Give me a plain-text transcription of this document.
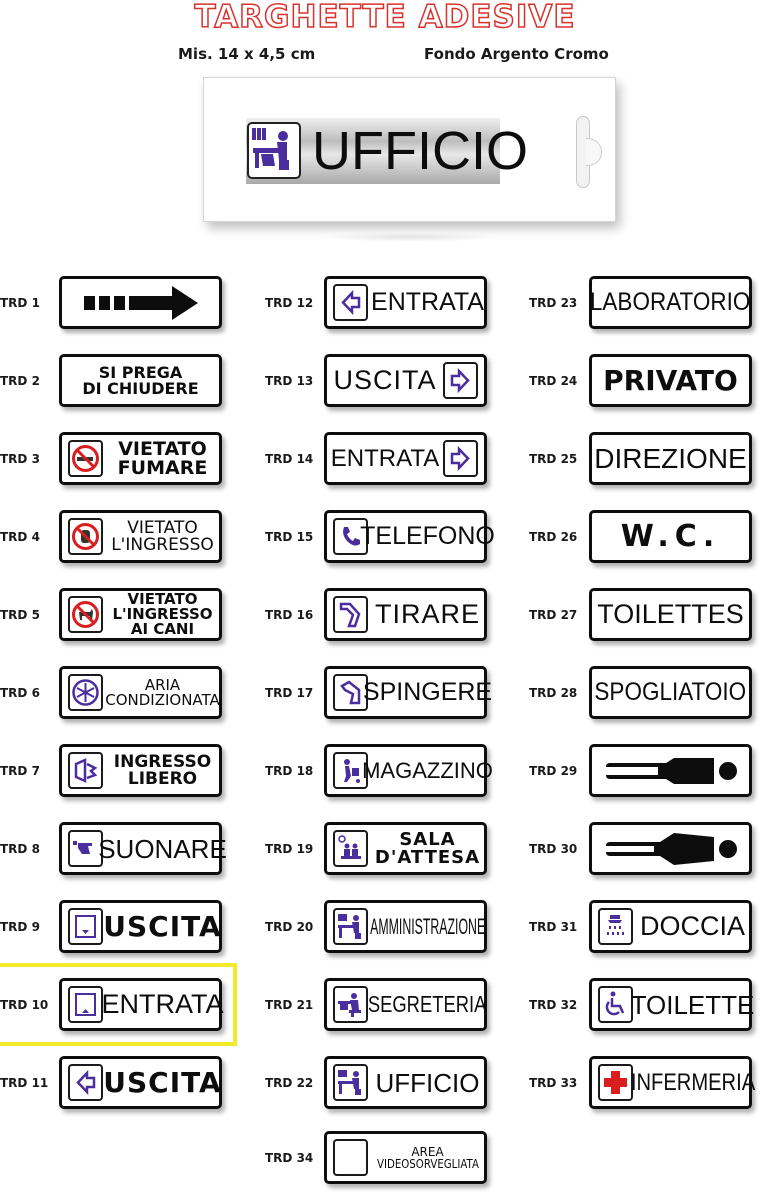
TARGHETTE ADESIVE
Mis. 14 x 4,5 cm	Fondo Argento Cromo
UFFICIO
TRD 1
TRD 2	SI PREGA
DI CHIUDERE
TRD 3	VIETATO
FUMARE
TRD 4	VIETATO
L'INGRESSO
TRD 5
VIETATO
L'INGRESSO
AI CANI
TRD 6	ARIA
CONDIZIONATA
TRD 7	INGRESSO
LIBERO
TRD 8 SUONARE
TRD 9 USCITA
TRD 10 ENTRATA
TRD 11 USCITA
TRD 12 ENTRATA
TRD 13 USCITA
TRD 14 ENTRATA
TRD 15 TELEFONO
TRD 16 TIRARE
TRD 17 SPINGERE
TRD 18 MAGAZZINO
TRD 19	SALA
D'ATTESA
TRD 20	AMMINISTRAZIONE
TRD 21 SEGRETERIA
TRD 22 UFFICIO
TRD 34	AREA
VIDEOSORVEGLIATA
TRD 23 LABORATORIO
TRD 24 PRIVATO
TRD 25 DIREZIONE
TRD 26 W.C.
TRD 27 TOILETTES
TRD 28 SPOGLIATOIO
TRD 29
TRD 30
TRD 31 DOCCIA
TRD 32 TOILETTE
TRD 33 INFERMERIA
